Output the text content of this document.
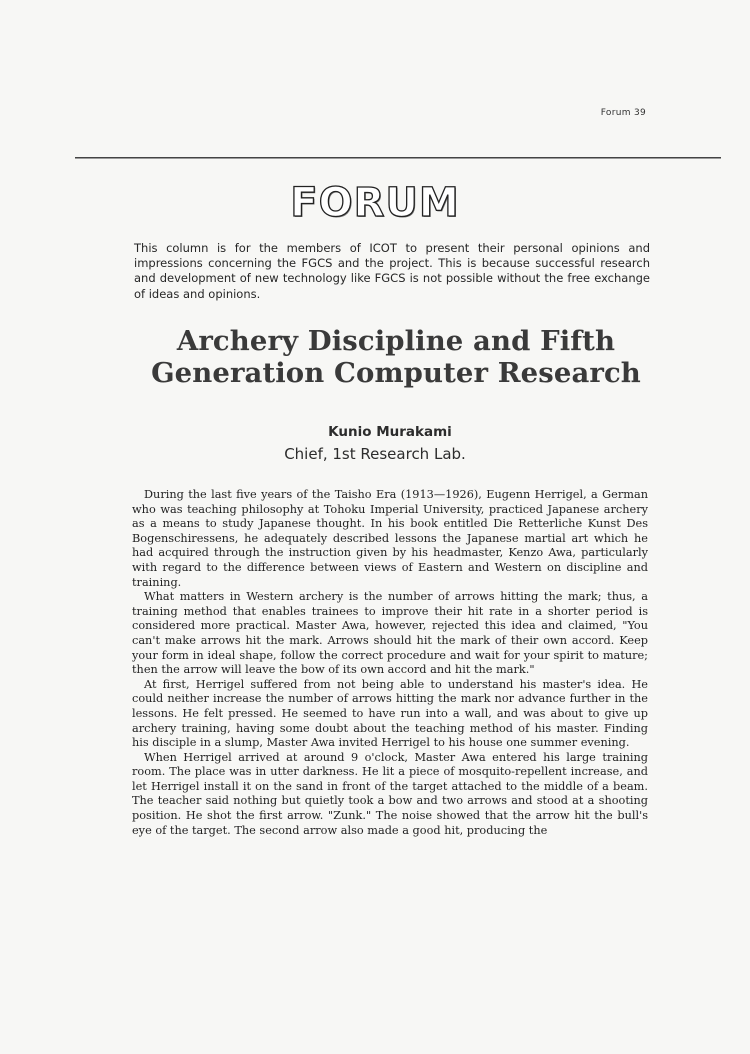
Forum 39
FORUM

This column is for the members of ICOT to present their personal opinions and impressions concerning the FGCS and the project. This is because successful research and development of new technology like FGCS is not possible without the free exchange of ideas and opinions.

Archery Discipline and Fifth Generation Computer Research
Kunio Murakami
Chief, 1st Research Lab.

During the last five years of the Taisho Era (1913—1926), Eugenn Herrigel, a German who was teaching philosophy at Tohoku Imperial University, practiced Japanese archery as a means to study Japanese thought. In his book entitled Die Retterliche Kunst Des Bogenschiressens, he adequately described lessons the Japanese martial art which he had acquired through the instruction given by his headmaster, Kenzo Awa, particularly with regard to the difference between views of Eastern and Western on discipline and training.

What matters in Western archery is the number of arrows hitting the mark; thus, a training method that enables trainees to improve their hit rate in a shorter period is considered more practical. Master Awa, however, rejected this idea and claimed, "You can't make arrows hit the mark. Arrows should hit the mark of their own accord. Keep your form in ideal shape, follow the correct procedure and wait for your spirit to mature; then the arrow will leave the bow of its own accord and hit the mark."

At first, Herrigel suffered from not being able to understand his master's idea. He could neither increase the number of arrows hitting the mark nor advance further in the lessons. He felt pressed. He seemed to have run into a wall, and was about to give up archery training, having some doubt about the teaching method of his master. Finding his disciple in a slump, Master Awa invited Herrigel to his house one summer evening.

When Herrigel arrived at around 9 o'clock, Master Awa entered his large training room. The place was in utter darkness. He lit a piece of mosquito-repellent increase, and let Herrigel install it on the sand in front of the target attached to the middle of a beam. The teacher said nothing but quietly took a bow and two arrows and stood at a shooting position. He shot the first arrow. "Zunk." The noise showed that the arrow hit the bull's eye of the target. The second arrow also made a good hit, producing the
